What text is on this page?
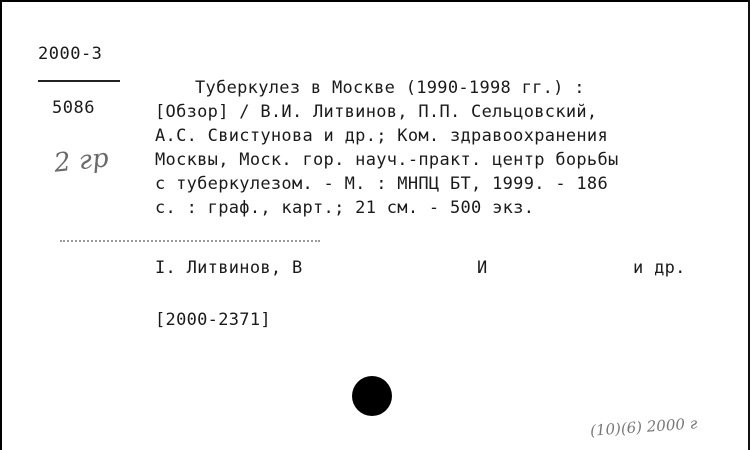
2000-3
5086
2 гр
Туберкулез в Москве (1990-1998 гг.) :
[Обзор] / В.И. Литвинов, П.П. Сельцовский,
А.С. Свистунова и др.; Ком. здравоохранения
Москвы, Моск. гор. науч.-практ. центр борьбы
с туберкулезом. - М. : МНПЦ БТ, 1999. - 186
с. : граф., карт.; 21 см. - 500 экз.
I. Литвинов, В	И	и др.
[2000-2371]
(10)(6) 2000 г
